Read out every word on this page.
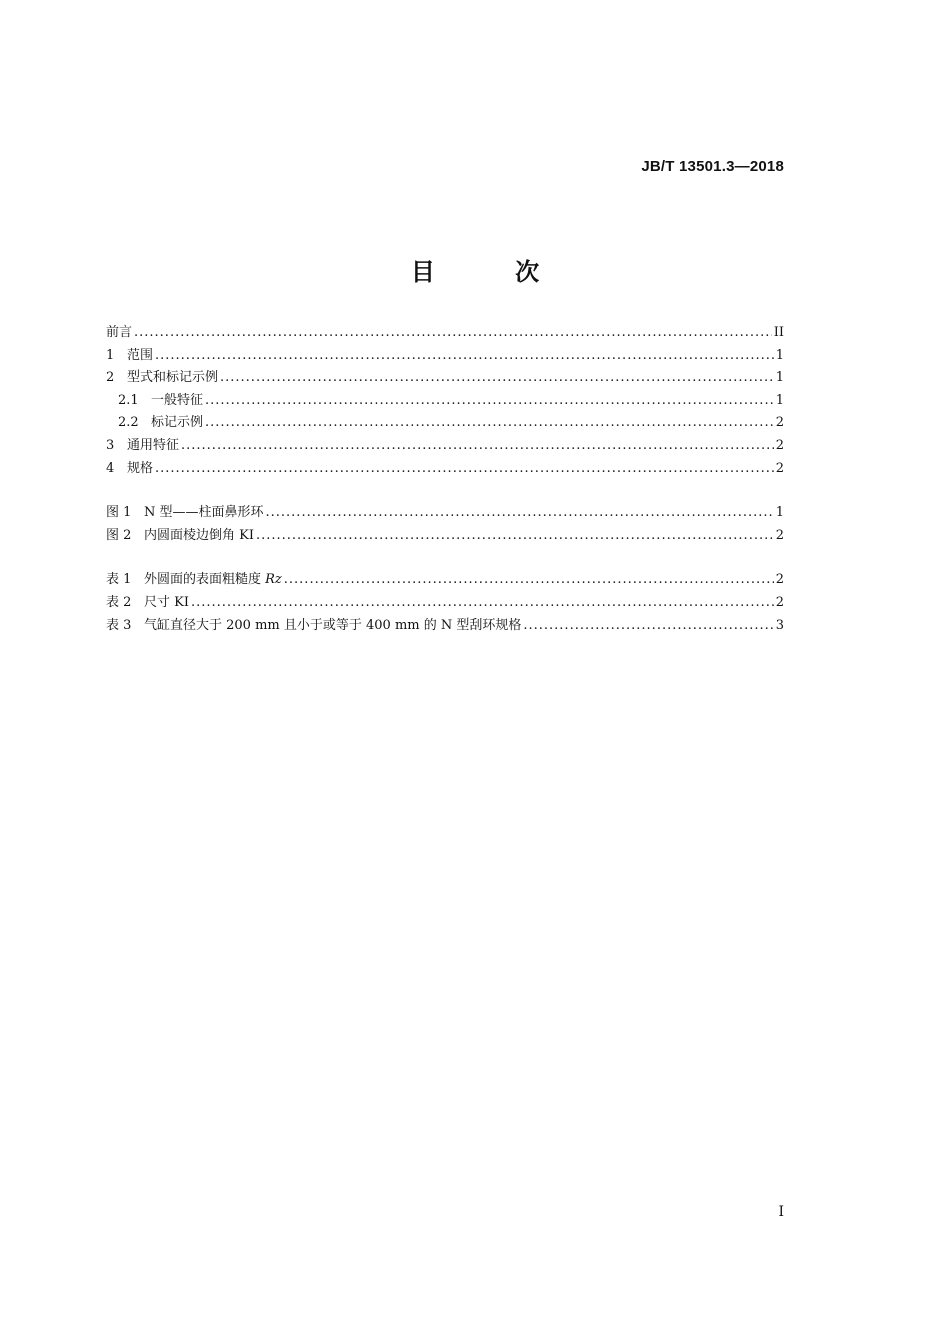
JB/T 13501.3—2018
目 次
前言 .....	II
1 范围 .....	1
2 型式和标记示例 .....	1
2.1 一般特征 .....	1
2.2 标记示例 .....	2
3 通用特征 .....	2
4 规格 .....	2
图 1 N 型——柱面鼻形环 .....	1
图 2 内圆面棱边倒角 KI .....	2
表 1 外圆面的表面粗糙度 Rz .....	2
表 2 尺寸 KI .....	2
表 3 气缸直径大于 200 mm 且小于或等于 400 mm 的 N 型刮环规格 .....	3
I
